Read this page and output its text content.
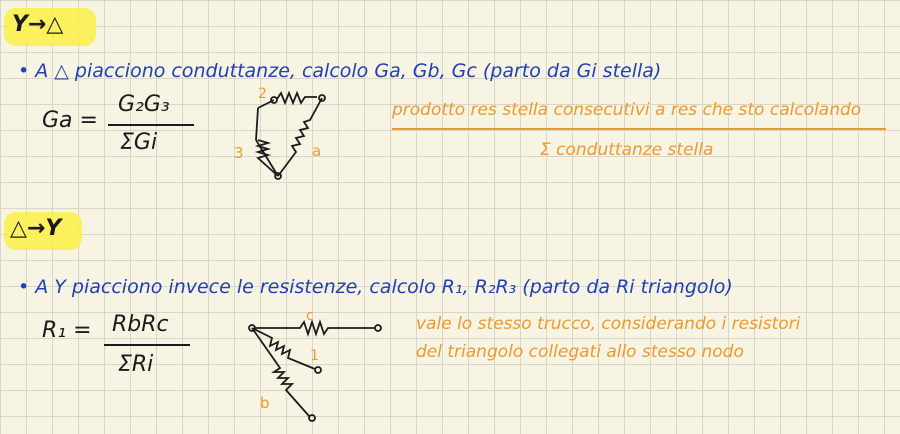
Y→△
• A △ piacciono conduttanze, calcolo Ga, Gb, Gc (parto da Gi stella)
Ga =
G₂G₃
ΣGi
2
3	a
prodotto res stella consecutivi a res che sto calcolando
Σ conduttanze stella
△→Y
• A Y piacciono invece le resistenze, calcolo R₁, R₂R₃ (parto da Ri triangolo)
R₁ = RbRc
ΣRi
c
1
b
vale lo stesso trucco, considerando i resistori
del triangolo collegati allo stesso nodo
